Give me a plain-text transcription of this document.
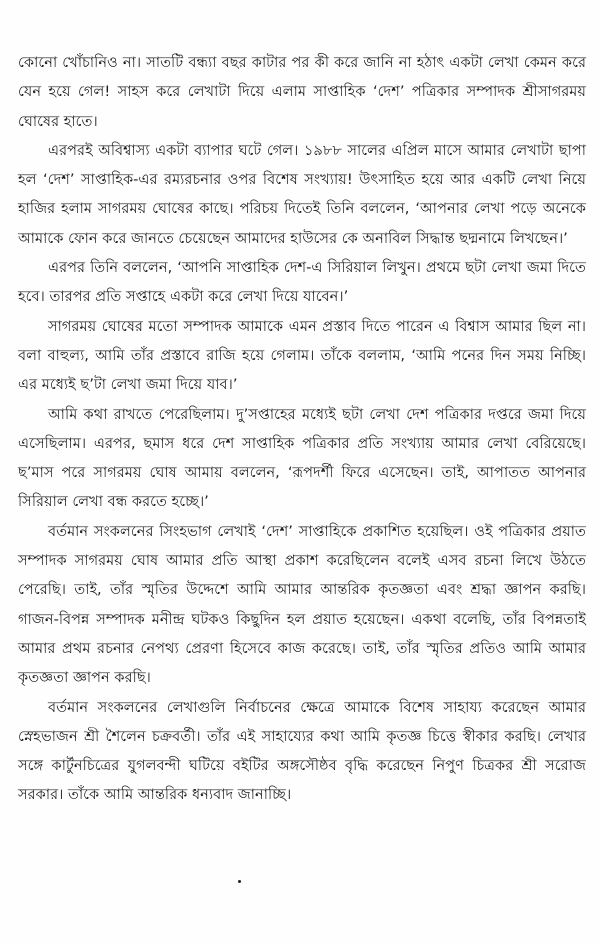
কোনো খোঁচানিও না। সাতটি বন্ধ্যা বছর কাটার পর কী করে জানি না হঠাৎ একটা লেখা কেমন করে যেন হয়ে গেল! সাহস করে লেখাটা দিয়ে এলাম সাপ্তাহিক ‘দেশ’ পত্রিকার সম্পাদক শ্রীসাগরময় ঘোষের হাতে।

এরপরই অবিশ্বাস্য একটা ব্যাপার ঘটে গেল। ১৯৮৮ সালের এপ্রিল মাসে আমার লেখাটা ছাপা হল ‘দেশ’ সাপ্তাহিক-এর রম্যরচনার ওপর বিশেষ সংখ্যায়! উৎসাহিত হয়ে আর একটি লেখা নিয়ে হাজির হলাম সাগরময় ঘোষের কাছে। পরিচয় দিতেই তিনি বললেন, ‘আপনার লেখা পড়ে অনেকে আমাকে ফোন করে জানতে চেয়েছেন আমাদের হাউসের কে অনাবিল সিদ্ধান্ত ছদ্মনামে লিখছেন।’

এরপর তিনি বললেন, ‘আপনি সাপ্তাহিক দেশ-এ সিরিয়াল লিখুন। প্রথমে ছটা লেখা জমা দিতে হবে। তারপর প্রতি সপ্তাহে একটা করে লেখা দিয়ে যাবেন।’

সাগরময় ঘোষের মতো সম্পাদক আমাকে এমন প্রস্তাব দিতে পারেন এ বিশ্বাস আমার ছিল না। বলা বাহুল্য, আমি তাঁর প্রস্তাবে রাজি হয়ে গেলাম। তাঁকে বললাম, ‘আমি পনের দিন সময় নিচ্ছি। এর মধ্যেই ছ’টা লেখা জমা দিয়ে যাব।’

আমি কথা রাখতে পেরেছিলাম। দু’সপ্তাহের মধ্যেই ছটা লেখা দেশ পত্রিকার দপ্তরে জমা দিয়ে এসেছিলাম। এরপর, ছমাস ধরে দেশ সাপ্তাহিক পত্রিকার প্রতি সংখ্যায় আমার লেখা বেরিয়েছে। ছ’মাস পরে সাগরময় ঘোষ আমায় বললেন, ‘রূপদর্শী ফিরে এসেছেন। তাই, আপাতত আপনার সিরিয়াল লেখা বন্ধ করতে হচ্ছে।’

বর্তমান সংকলনের সিংহভাগ লেখাই ‘দেশ’ সাপ্তাহিকে প্রকাশিত হয়েছিল। ওই পত্রিকার প্রয়াত সম্পাদক সাগরময় ঘোষ আমার প্রতি আস্থা প্রকাশ করেছিলেন বলেই এসব রচনা লিখে উঠতে পেরেছি। তাই, তাঁর স্মৃতির উদ্দেশে আমি আমার আন্তরিক কৃতজ্ঞতা এবং শ্রদ্ধা জ্ঞাপন করছি। গাজন-বিপন্ন সম্পাদক মনীন্দ্র ঘটকও কিছুদিন হল প্রয়াত হয়েছেন। একথা বলেছি, তাঁর বিপন্নতাই আমার প্রথম রচনার নেপথ্য প্রেরণা হিসেবে কাজ করেছে। তাই, তাঁর স্মৃতির প্রতিও আমি আমার কৃতজ্ঞতা জ্ঞাপন করছি।

বর্তমান সংকলনের লেখাগুলি নির্বাচনের ক্ষেত্রে আমাকে বিশেষ সাহায্য করেছেন আমার স্নেহভাজন শ্রী শৈলেন চক্রবর্তী। তাঁর এই সাহায্যের কথা আমি কৃতজ্ঞ চিত্তে স্বীকার করছি। লেখার সঙ্গে কার্টুনচিত্রের যুগলবন্দী ঘটিয়ে বইটির অঙ্গসৌষ্ঠব বৃদ্ধি করেছেন নিপুণ চিত্রকর শ্রী সরোজ সরকার। তাঁকে আমি আন্তরিক ধন্যবাদ জানাচ্ছি।
